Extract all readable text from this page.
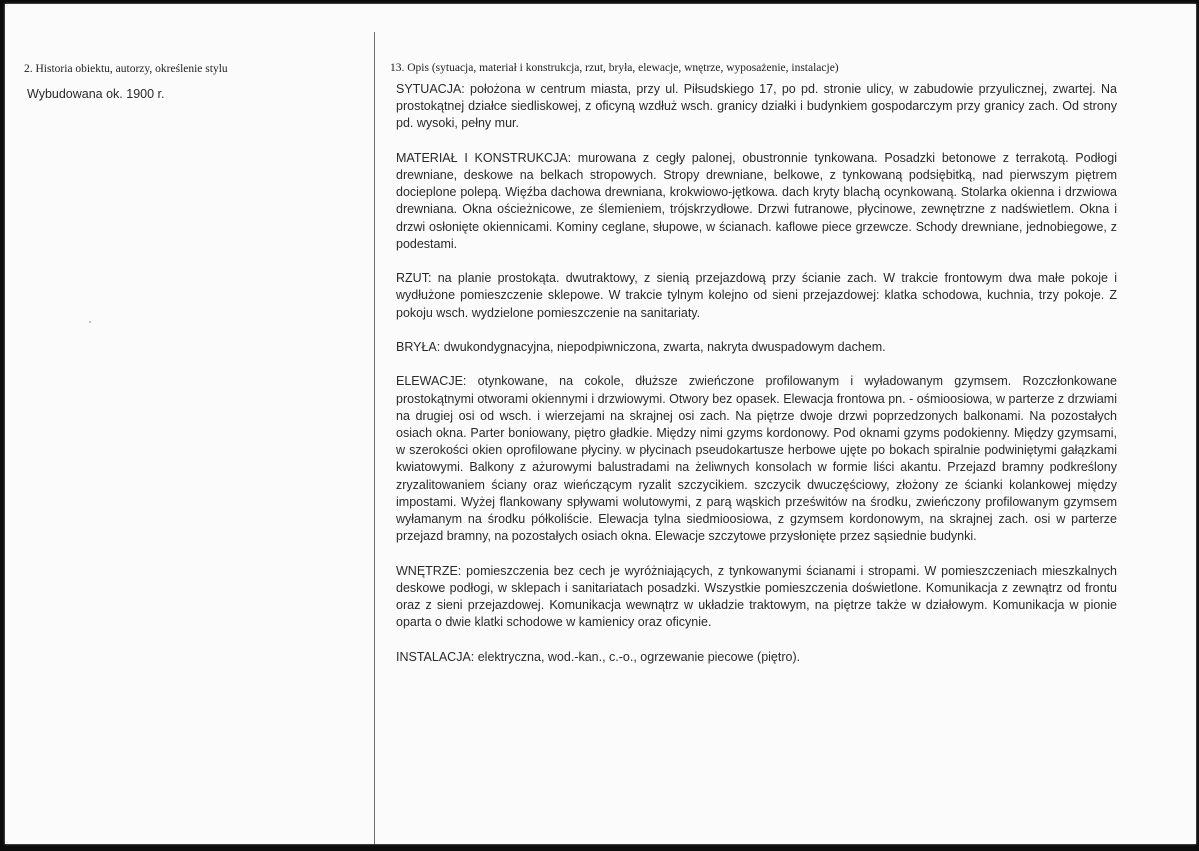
2. Historia obiektu, autorzy, określenie stylu
Wybudowana ok. 1900 r.
13. Opis (sytuacja, materiał i konstrukcja, rzut, bryła, elewacje, wnętrze, wyposażenie, instalacje)

SYTUACJA: położona w centrum miasta, przy ul. Piłsudskiego 17, po pd. stronie ulicy, w zabudowie przyulicznej, zwartej. Na prostokątnej działce siedliskowej, z oficyną wzdłuż wsch. granicy działki i budynkiem gospodarczym przy granicy zach. Od strony pd. wysoki, pełny mur.

MATERIAŁ I KONSTRUKCJA: murowana z cegły palonej, obustronnie tynkowana. Posadzki betonowe z terrakotą. Podłogi drewniane, deskowe na belkach stropowych. Stropy drewniane, belkowe, z tynkowaną podsiębitką, nad pierwszym piętrem docieplone polepą. Więźba dachowa drewniana, krokwiowo-jętkowa. dach kryty blachą ocynkowaną. Stolarka okienna i drzwiowa drewniana. Okna ościeżnicowe, ze ślemieniem, trójskrzydłowe. Drzwi futranowe, płycinowe, zewnętrzne z nadświetlem. Okna i drzwi osłonięte okiennicami. Kominy ceglane, słupowe, w ścianach. kaflowe piece grzewcze. Schody drewniane, jednobiegowe, z podestami.

RZUT: na planie prostokąta. dwutraktowy, z sienią przejazdową przy ścianie zach. W trakcie frontowym dwa małe pokoje i wydłużone pomieszczenie sklepowe. W trakcie tylnym kolejno od sieni przejazdowej: klatka schodowa, kuchnia, trzy pokoje. Z pokoju wsch. wydzielone pomieszczenie na sanitariaty.

BRYŁA: dwukondygnacyjna, niepodpiwniczona, zwarta, nakryta dwuspadowym dachem.

ELEWACJE: otynkowane, na cokole, dłuższe zwieńczone profilowanym i wyładowanym gzymsem. Rozczłonkowane prostokątnymi otworami okiennymi i drzwiowymi. Otwory bez opasek. Elewacja frontowa pn. - ośmioosiowa, w parterze z drzwiami na drugiej osi od wsch. i wierzejami na skrajnej osi zach. Na piętrze dwoje drzwi poprzedzonych balkonami. Na pozostałych osiach okna. Parter boniowany, piętro gładkie. Między nimi gzyms kordonowy. Pod oknami gzyms podokienny. Między gzymsami, w szerokości okien oprofilowane płyciny. w płycinach pseudokartusze herbowe ujęte po bokach spiralnie podwiniętymi gałązkami kwiatowymi. Balkony z ażurowymi balustradami na żeliwnych konsolach w formie liści akantu. Przejazd bramny podkreślony zryzalitowaniem ściany oraz wieńczącym ryzalit szczycikiem. szczycik dwuczęściowy, złożony ze ścianki kolankowej między impostami. Wyżej flankowany spływami wolutowymi, z parą wąskich prześwitów na środku, zwieńczony profilowanym gzymsem wyłamanym na środku półkoliście. Elewacja tylna siedmioosiowa, z gzymsem kordonowym, na skrajnej zach. osi w parterze przejazd bramny, na pozostałych osiach okna. Elewacje szczytowe przysłonięte przez sąsiednie budynki.

WNĘTRZE: pomieszczenia bez cech je wyróżniających, z tynkowanymi ścianami i stropami. W pomieszczeniach mieszkalnych deskowe podłogi, w sklepach i sanitariatach posadzki. Wszystkie pomieszczenia doświetlone. Komunikacja z zewnątrz od frontu oraz z sieni przejazdowej. Komunikacja wewnątrz w układzie traktowym, na piętrze także w działowym. Komunikacja w pionie oparta o dwie klatki schodowe w kamienicy oraz oficynie.

INSTALACJA: elektryczna, wod.-kan., c.-o., ogrzewanie piecowe (piętro).
